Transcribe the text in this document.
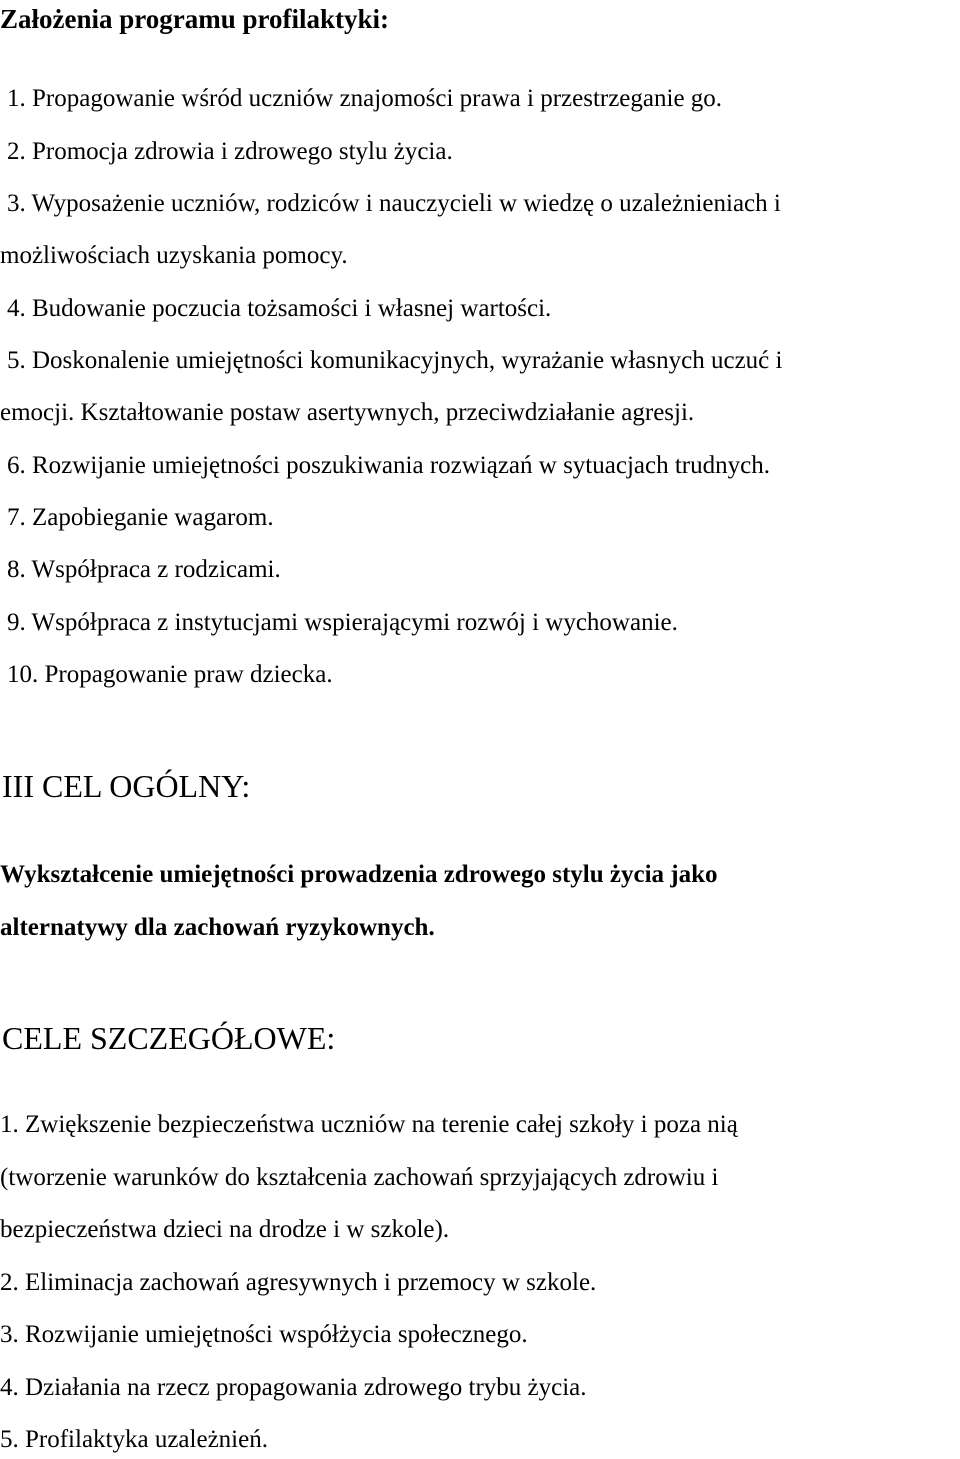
Założenia programu profilaktyki:
1. Propagowanie wśród uczniów znajomości prawa i przestrzeganie go.
2. Promocja zdrowia i zdrowego stylu życia.
3. Wyposażenie uczniów, rodziców i nauczycieli w wiedzę o uzależnieniach i
możliwościach uzyskania pomocy.
4. Budowanie poczucia tożsamości i własnej wartości.
5. Doskonalenie umiejętności komunikacyjnych, wyrażanie własnych uczuć i
emocji. Kształtowanie postaw asertywnych, przeciwdziałanie agresji.
6. Rozwijanie umiejętności poszukiwania rozwiązań w sytuacjach trudnych.
7. Zapobieganie wagarom.
8. Współpraca z rodzicami.
9. Współpraca z instytucjami wspierającymi rozwój i wychowanie.
10. Propagowanie praw dziecka.
III CEL OGÓLNY:
Wykształcenie umiejętności prowadzenia zdrowego stylu życia jako
alternatywy dla zachowań ryzykownych.
CELE SZCZEGÓŁOWE:
1. Zwiększenie bezpieczeństwa uczniów na terenie całej szkoły i poza nią
(tworzenie warunków do kształcenia zachowań sprzyjających zdrowiu i
bezpieczeństwa dzieci na drodze i w szkole).
2. Eliminacja zachowań agresywnych i przemocy w szkole.
3. Rozwijanie umiejętności współżycia społecznego.
4. Działania na rzecz propagowania zdrowego trybu życia.
5. Profilaktyka uzależnień.
